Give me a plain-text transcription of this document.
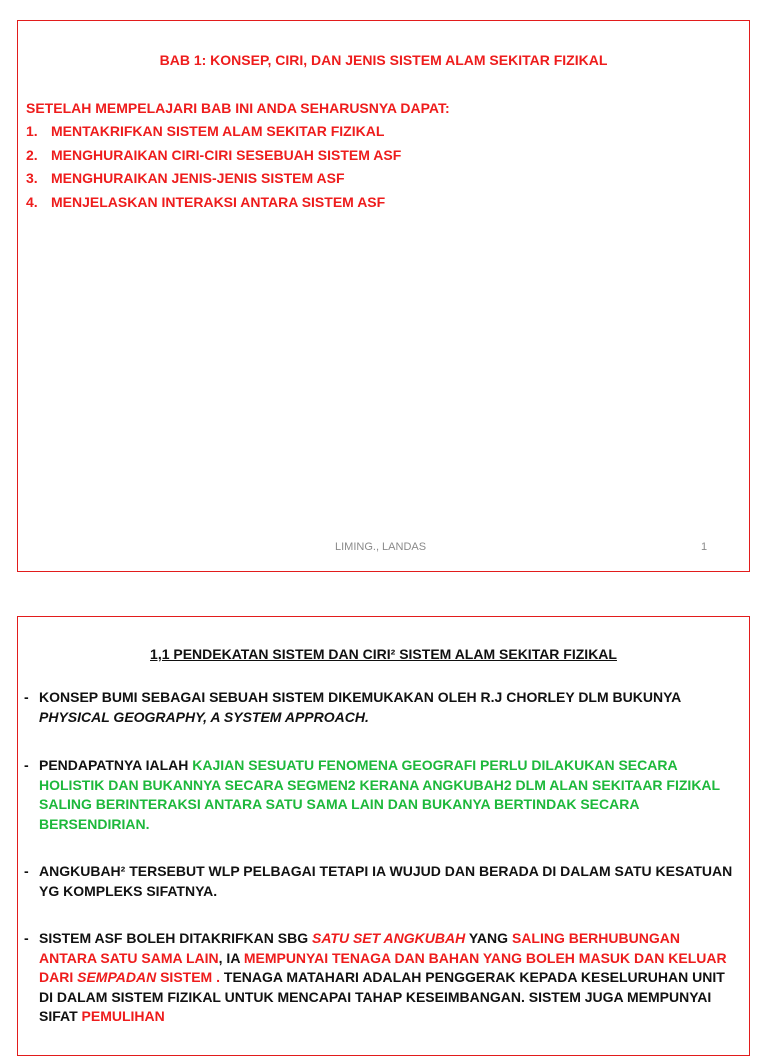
BAB 1: KONSEP, CIRI, DAN JENIS SISTEM ALAM SEKITAR FIZIKAL
SETELAH MEMPELAJARI BAB INI ANDA SEHARUSNYA DAPAT:
1. MENTAKRIFKAN SISTEM ALAM SEKITAR FIZIKAL
2. MENGHURAIKAN CIRI-CIRI SESEBUAH SISTEM ASF
3. MENGHURAIKAN JENIS-JENIS SISTEM ASF
4. MENJELASKAN INTERAKSI ANTARA SISTEM ASF
LIMING., LANDAS	1
1,1 PENDEKATAN SISTEM DAN CIRI² SISTEM ALAM SEKITAR FIZIKAL
- KONSEP BUMI SEBAGAI SEBUAH SISTEM DIKEMUKAKAN OLEH R.J CHORLEY DLM BUKUNYA PHYSICAL GEOGRAPHY, A SYSTEM APPROACH.
- PENDAPATNYA IALAH KAJIAN SESUATU FENOMENA GEOGRAFI PERLU DILAKUKAN SECARA HOLISTIK DAN BUKANNYA SECARA SEGMEN2 KERANA ANGKUBAH2 DLM ALAN SEKITAAR FIZIKAL SALING BERINTERAKSI ANTARA SATU SAMA LAIN DAN BUKANYA BERTINDAK SECARA BERSENDIRIAN.
- ANGKUBAH² TERSEBUT WLP PELBAGAI TETAPI IA WUJUD DAN BERADA DI DALAM SATU KESATUAN YG KOMPLEKS SIFATNYA.
- SISTEM ASF BOLEH DITAKRIFKAN SBG SATU SET ANGKUBAH YANG SALING BERHUBUNGAN ANTARA SATU SAMA LAIN, IA MEMPUNYAI TENAGA DAN BAHAN YANG BOLEH MASUK DAN KELUAR DARI SEMPADAN SISTEM . TENAGA MATAHARI ADALAH PENGGERAK KEPADA KESELURUHAN UNIT DI DALAM SISTEM FIZIKAL UNTUK MENCAPAI TAHAP KESEIMBANGAN. SISTEM JUGA MEMPUNYAI SIFAT PEMULIHAN
